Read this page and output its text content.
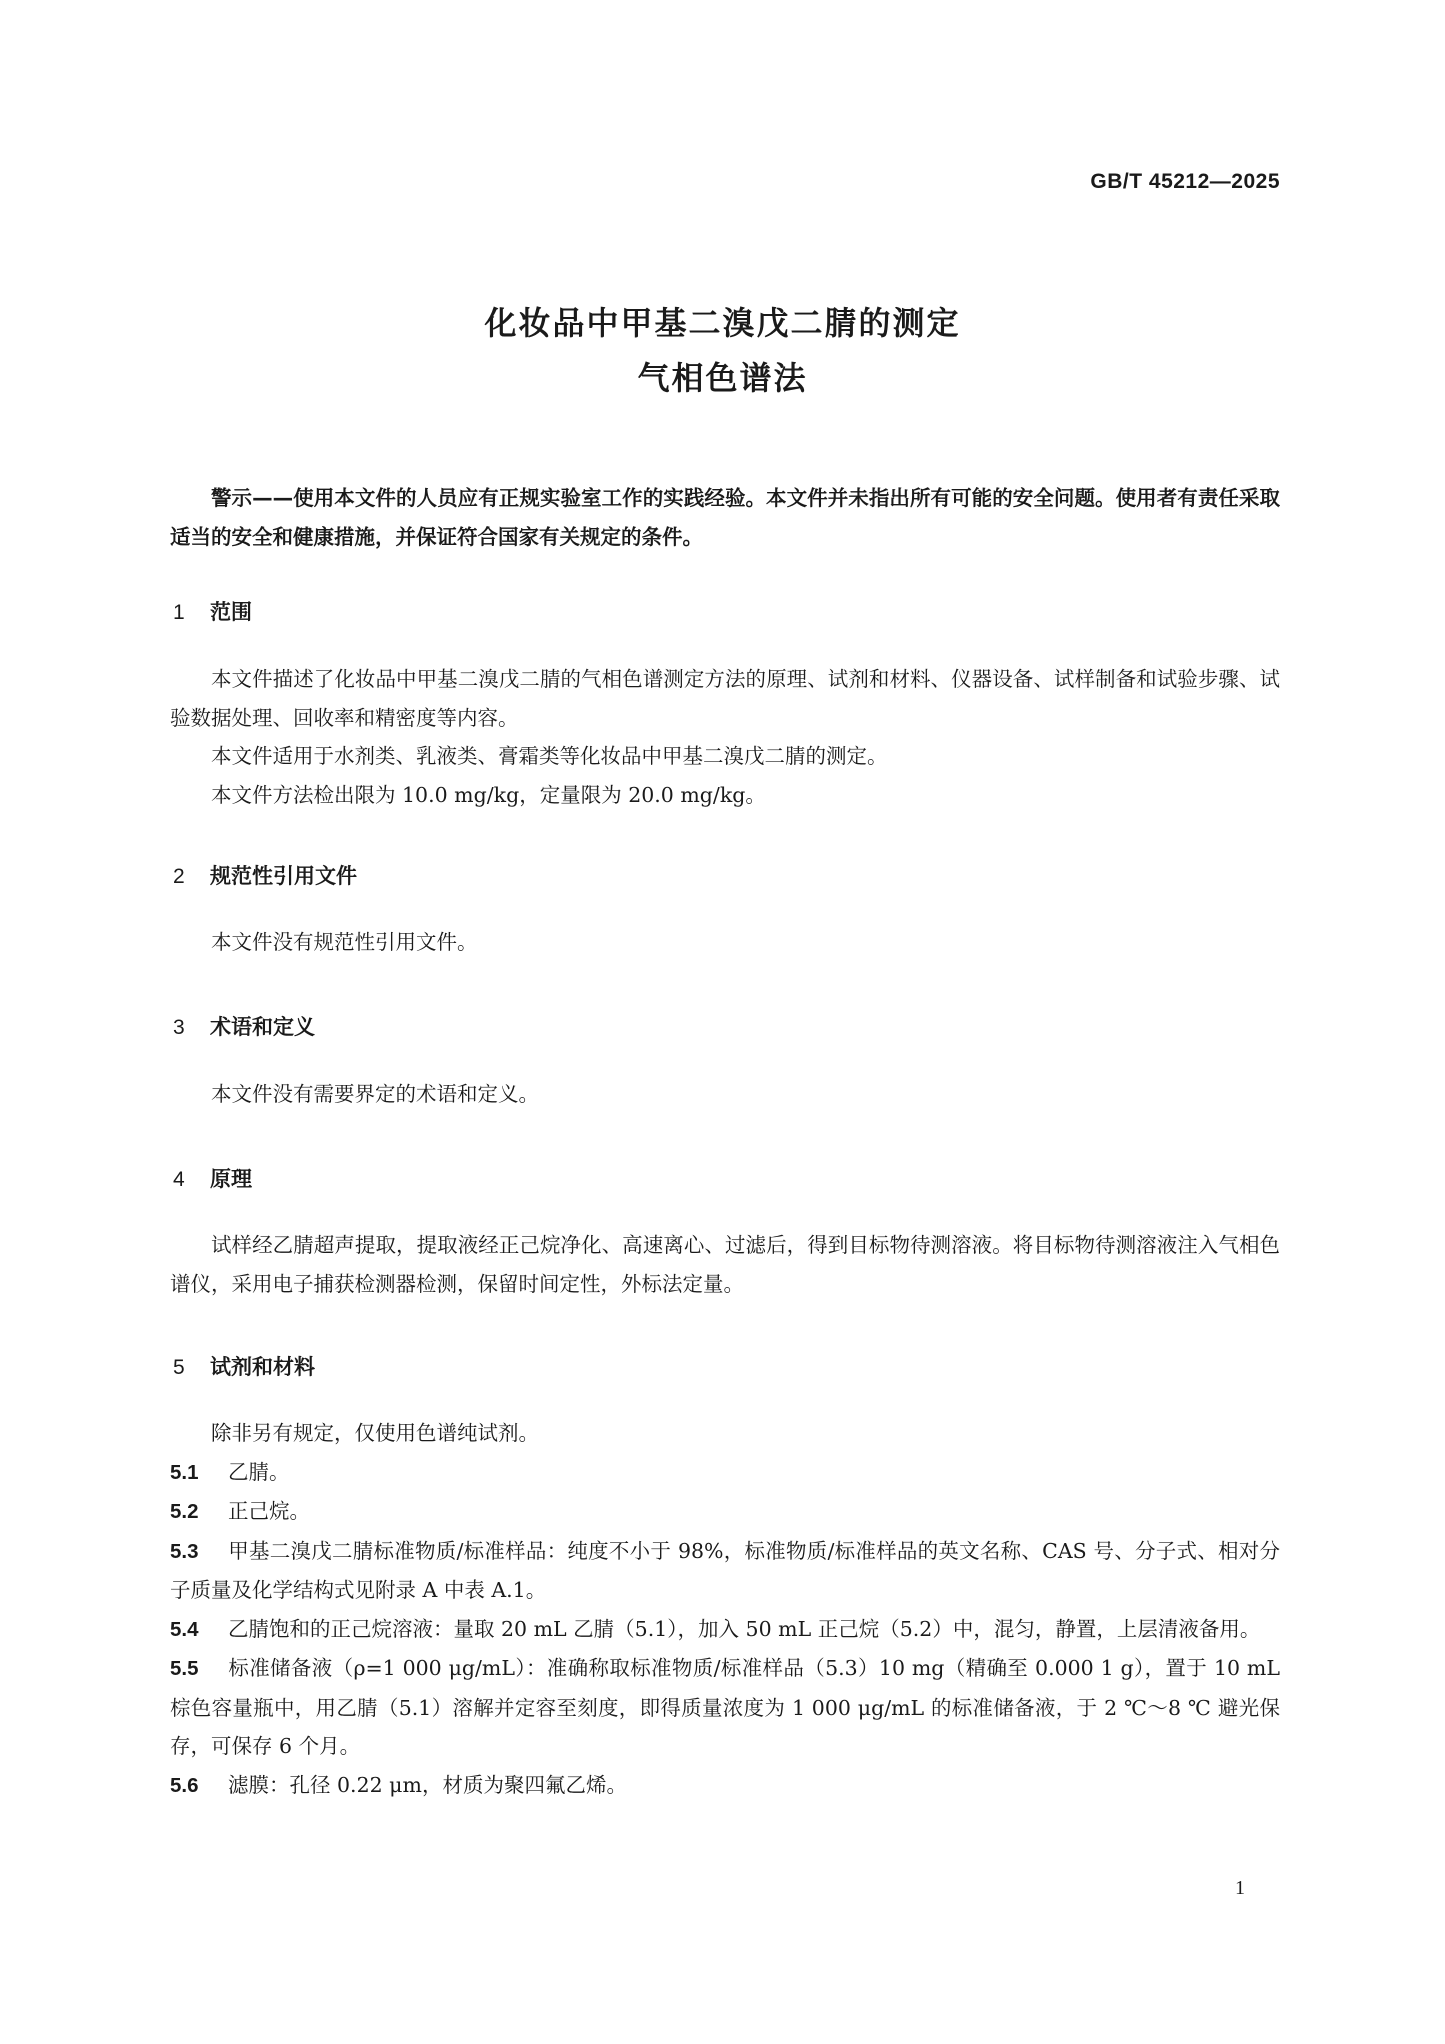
GB/T 45212—2025
化妆品中甲基二溴戊二腈的测定
气相色谱法

警示——使用本文件的人员应有正规实验室工作的实践经验。本文件并未指出所有可能的安全问题。使用者有责任采取适当的安全和健康措施，并保证符合国家有关规定的条件。

1 范围

本文件描述了化妆品中甲基二溴戊二腈的气相色谱测定方法的原理、试剂和材料、仪器设备、试样制备和试验步骤、试验数据处理、回收率和精密度等内容。

本文件适用于水剂类、乳液类、膏霜类等化妆品中甲基二溴戊二腈的测定。

本文件方法检出限为 10.0 mg/kg，定量限为 20.0 mg/kg。

2 规范性引用文件

本文件没有规范性引用文件。

3 术语和定义

本文件没有需要界定的术语和定义。

4 原理

试样经乙腈超声提取，提取液经正己烷净化、高速离心、过滤后，得到目标物待测溶液。将目标物待测溶液注入气相色谱仪，采用电子捕获检测器检测，保留时间定性，外标法定量。

5 试剂和材料

除非另有规定，仅使用色谱纯试剂。

5.1 乙腈。

5.2 正己烷。

5.3 甲基二溴戊二腈标准物质/标准样品：纯度不小于 98%，标准物质/标准样品的英文名称、CAS 号、分子式、相对分子质量及化学结构式见附录 A 中表 A.1。

5.4 乙腈饱和的正己烷溶液：量取 20 mL 乙腈（5.1），加入 50 mL 正己烷（5.2）中，混匀，静置，上层清液备用。

5.5 标准储备液（ρ=1 000 μg/mL）：准确称取标准物质/标准样品（5.3）10 mg（精确至 0.000 1 g），置于 10 mL 棕色容量瓶中，用乙腈（5.1）溶解并定容至刻度，即得质量浓度为 1 000 μg/mL 的标准储备液，于 2 ℃～8 ℃ 避光保存，可保存 6 个月。

5.6 滤膜：孔径 0.22 μm，材质为聚四氟乙烯。

1
